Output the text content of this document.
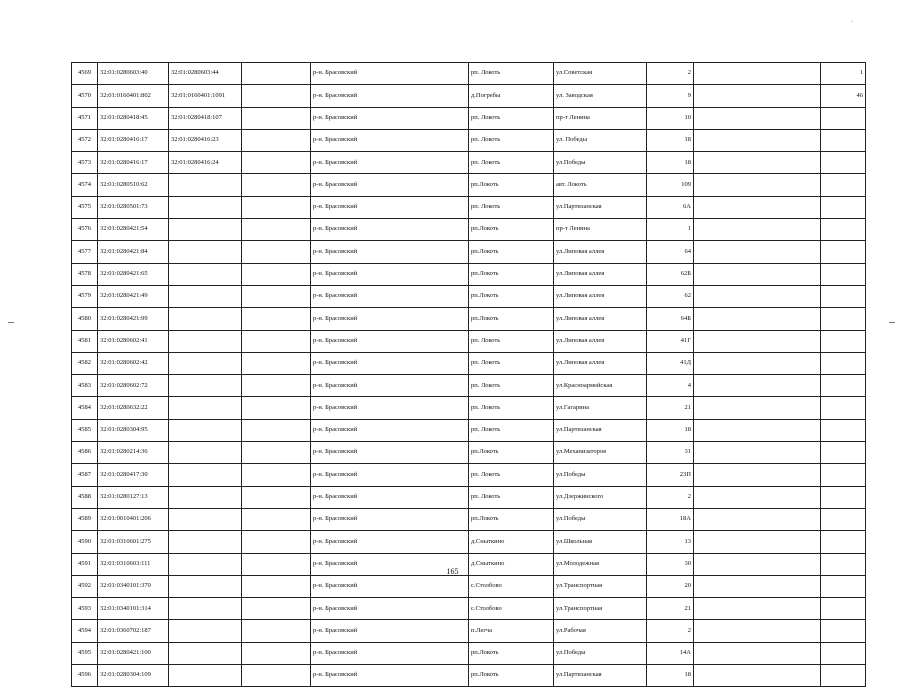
·
4569	32:01:0280603:40	32:01:0280603:44		р-н. Брасовский	рп. Локоть	ул.Советская	2		1
4570	32:01:0160401:802	32:01:0160401:1091		р-н. Брасовский	д.Погребы	ул. Заводская	9		46
4571	32:01:0280418:45	32:01:0280418:107		р-н. Брасовский	рп. Локоть	пр-т Ленина	10		
4572	32:01:0280416:17	32:01:0280416:23		р-н. Брасовский	рп. Локоть	ул. Победы	18		
4573	32:01:0280416:17	32:01:0280416:24		р-н. Брасовский	рп. Локоть	ул.Победы	18		
4574	32:01:0280510:62			р-н. Брасовский	рп.Локоть	авт. Локоть	109		
4575	32:01:0280501:73			р-н. Брасовский	рп. Локоть	ул.Партизанская	6А		
4576	32:01:0280421:54			р-н. Брасовский	рп.Локоть	пр-т Ленина	1		
4577	32:01:0280421:84			р-н. Брасовский	рп.Локоть	ул.Липовая аллея	64		
4578	32:01:0280421:65			р-н. Брасовский	рп.Локоть	ул.Липовая аллея	62Б		
4579	32:01:0280421:49			р-н. Брасовский	рп.Локоть	ул.Липовая аллея	62		
4580	32:01:0280421:99			р-н. Брасовский	рп.Локоть	ул.Липовая аллея	64Б		
4581	32:01:0280602:41			р-н. Брасовский	рп. Локоть	ул.Липовая аллея	41Г		
4582	32:01:0280602:42			р-н. Брасовский	рп. Локоть	ул.Липовая аллея	41Д		
4583	32:01:0280602:72			р-н. Брасовский	рп. Локоть	ул.Красноармейская	4		
4584	32:01:0280632:22			р-н. Брасовский	рп. Локоть	ул.Гагарина	21		
4585	32:01:0280304:95			р-н. Брасовский	рп. Локоть	ул.Партизанская	18		
4586	32:01:0280214:36			р-н. Брасовский	рп.Локоть	ул.Механизаторов	31		
4587	32:01:0280417:30			р-н. Брасовский	рп. Локоть	ул.Победы	23П		
4588	32:01:0280127:13			р-н. Брасовский	рп. Локоть	ул.Дзержинского	2		
4589	32:01:0010401:206			р-н. Брасовский	рп.Локоть	ул.Победы	18А		
4590	32:01:0310601:275			р-н. Брасовский	д.Сныткино	ул.Школьная	13		
4591	32:01:0310603:111			р-н. Брасовский	д.Сныткино	ул.Молодежная	30		
4592	32:01:0340101:370			р-н. Брасовский	с.Столбово	ул.Транспортная	20		
4593	32:01:0340101:314			р-н. Брасовский	с.Столбово	ул.Транспортная	21		
4594	32:01:0360702:187			р-н. Брасовский	п.Легча	ул.Рабочая	2		
4595	32:01:0280421:100			р-н. Брасовский	рп.Локоть	ул.Победы	14А		
4596	32:01:0280304:109			р-н. Брасовский	рп.Локоть	ул.Партизанская	18		
165
